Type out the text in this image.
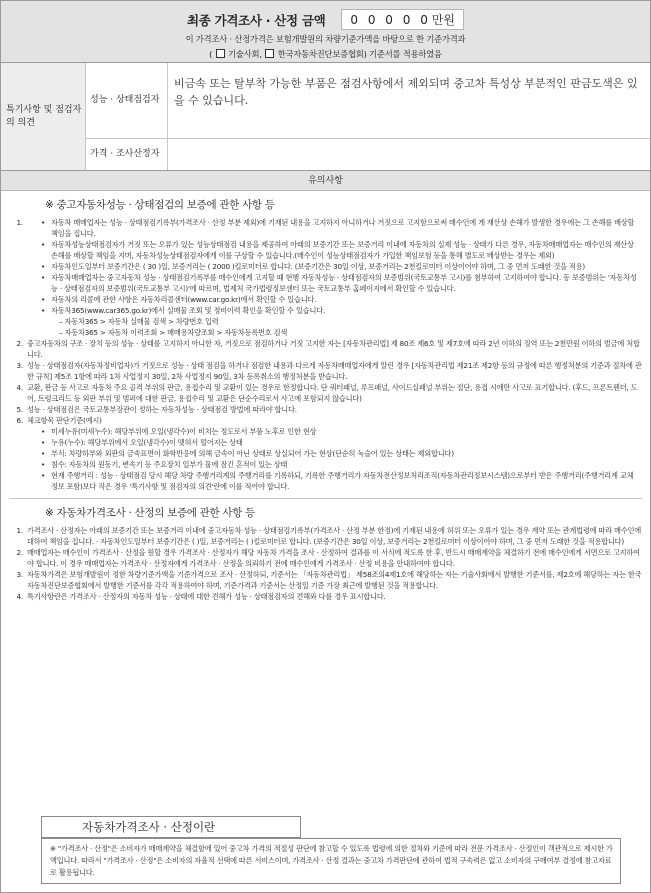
최종 가격조사 · 산정 금액	0 0 0 0 0만원
이 가격조사 · 산정가격은 보험개발원의 차량기준가액을 바탕으로 한 기준가격과
( 기술사회, 한국자동차진단보증협회) 기준서를 적용하였음
특기사항 및 점검자의 의견
성능 · 상태점검자
비금속 또는 탈부착 가능한 부품은 점검사항에서 제외되며 중고차 특성상 부분적인 판금도색은 있을 수 있습니다.
가격 · 조사산정자
유의사항
※ 중고자동차성능 · 상태점검의 보증에 관한 사항 등
1.	• 자동차 매매업자는 성능 · 상태점검기록부(가격조사 · 산정 부분 제외)에 기재된 내용을 고지하지 아니하거나 거짓으로 고지함으로써 매수인에 게 재산상 손해가 발생한 경우에는 그 손해를 배상할 책임을 집니다.
• 자동차성능상태점검자가 거짓 또는 오류가 있는 성능상태점검 내용을 제공하여 아래의 보증기간 또는 보증거리 이내에 자동차의 실제 성능 · 상태가 다른 경우, 자동차매매업자는 매수인의 재산상 손해를 배상할 책임을 지며, 자동차성능상태점검자에게 이를 구상할 수 있습니다.(매수인이 성능상태점검자가 가입한 책임보험 등을 통해 별도로 배상받는 경우는 제외)
• 자동차인도일부터 보증기간은 ( 30 )일, 보증거리는 ( 2000 )킬로미터로 합니다. (보증기간은 30일 이상, 보증거리는 2천킬로미터 이상이어야 하며, 그 중 먼저 도래한 것을 적용)
• 자동차매매업자는 중고자동차 성능 · 상태점검기록부를 매수인에게 고지할 때 현행 자동차성능 · 상태점검자의 보증범위(국토교통부 고시)를 첨부하여 고지하여야 합니다. 동 보증범위는 '자동차성능 · 상태점검자의 보증범위(국토교통부 고시)'에 따르며, 법제처 국가법령정보센터 또는 국토교통부 홈페이지에서 확인할 수 있습니다.
• 자동차의 리콜에 관한 사항은 자동차리콜센터(www.car.go.kr)에서 확인할 수 있습니다.
• 자동차365(www.car365.go.kr)에서 실매물 조회 및 정비이력 확인을 확인할 수 있습니다.
– 자동차365 > 자동차 실매물 검색 > 차량번호 입력
– 자동차365 > 자동차 이력조회 > 매매용차량조회 > 자동차등록번호 검색
2. 중고자동차의 구조 · 장치 등의 성능 · 상태를 고지하지 아니한 자, 거짓으로 점검하거나 거짓 고지한 자는 [자동차관리법] 제 80조 제6호 및 제7호에 따라 2년 이하의 징역 또는 2천만원 이하의 벌금에 처합니다.
3. 성능 · 상태점검자(자동차정비업자)가 거짓으로 성능 · 상태 점검을 하거나 점검한 내용과 다르게 자동차매매업자에게 알린 경우 [자동차관리법 제21조 제2항 등의 규정에 따른 행정처분의 기준과 절차에 관한 규칙] 제5조 1항에 따라 1차 사업정지 30일, 2차 사업정지 90일, 3차 등록취소의 행정처분을 받습니다.
4. 교환, 판금 등 사고로 자동차 주요 골격 부위의 판금, 용접수리 및 교환이 있는 경우로 한정합니다. 단 쿼터패널, 루프패널, 사이드실패널 부위는 절단, 용접 시에만 사고로 표기합니다. (후드, 프론트펜더, 도어, 트렁크리드 등 외판 부위 및 범퍼에 대한 판금, 용접수리 및 교환은 단순수리로서 사고에 포함되지 않습니다)
5. 성능 · 상태점검은 국토교통부장관이 정하는 자동차성능 · 상태점검 방법에 따라야 합니다.
6. 체크항목 판단기준(예시)
• 미세누유(미세누수): 해당부위에 오일(냉각수)이 비치는 정도로서 부품 노후로 인한 현상
• 누유(누수): 해당부위에서 오일(냉각수)이 맺혀서 떨어지는 상태
• 부식: 차량하부와 외판의 금속표면이 화학반응에 의해 금속이 아닌 상태로 상실되어 가는 현상(단순히 녹슬어 있는 상태는 제외합니다)
• 침수: 자동차의 원동기, 변속기 등 주요장치 일부가 물에 잠긴 흔적이 있는 상태
• 현재 주행거리 : 성능 · 상태점검 당시 해당 차량 주행거리계의 주행거리를 기록하되, 기록한 주행거리가 자동차전산정보처리조직(자동차관리정보시스템)으로부터 받은 주행거리(주행거리계 교체 정보 포함)보다 작은 경우 '특기사항 및 점검자의 의견'란에 이를 적어야 합니다.
※ 자동차가격조사 · 산정의 보증에 관한 사항 등
1. 가격조사 · 산정자는 아래의 보증기간 또는 보증거리 이내에 중고자동차 성능 · 상태점검기록부(가격조사 · 산정 부분 한정)에 기재된 내용에 허위 또는 오류가 있는 경우 계약 또는 관계법령에 따라 매수인에 대하여 책임을 집니다. · 자동차인도일부터 보증기간은 ( )일, 보증거리는 ( )킬로미터로 합니다. (보증기간은 30일 이상, 보증거리는 2천킬로미터 이상이어야 하며, 그 중 먼저 도래한 것을 적용합니다)
2. 매매업자는 매수인이 가격조사 · 산정을 원할 경우 가격조사 · 산정자가 해당 자동차 가격을 조사 · 산정하여 결과를 이 서식에 적도록 한 후, 반드시 매매계약을 체결하기 전에 매수인에게 서면으로 고지하여야 합니다. 이 경우 매매업자는 가격조사 · 산정자에게 가격조사 · 산정을 의뢰하기 전에 매수인에게 가격조사 · 산정 비용을 안내하여야 합니다.
3. 자동차가격은 보험개발원이 정한 차량기준가액을 기준가격으로 조사 · 산정하되, 기준서는 「자동차관리법」 제58조의4제1호에 해당하는 자는 기술사회에서 발행한 기준서를, 제2호에 해당하는 자는 한국자동차진단보증협회에서 발행한 기준서를 각각 적용하여야 하며, 기준가격과 기준서는 산정일 기준 가장 최근에 발행된 것을 적용합니다.
4. 특기사항란은 가격조사 · 산정자의 자동차 성능 · 상태에 대한 견해가 성능 · 상태점검자의 견해와 다를 경우 표시합니다.
자동차가격조사 · 산정이란
※ "가격조사 · 산정"은 소비자가 매매계약을 체결함에 있어 중고차 가격의 적절성 판단에 참고할 수 있도록 법령에 의한 절차와 기준에 따라 전문 가격조사 · 산정인이 객관적으로 제시한 가액입니다. 따라서 "가격조사 · 산정"은 소비자의 자율적 선택에 따른 서비스이며, 가격조사 · 산정 결과는 중고차 가격판단에 관하여 법적 구속력은 없고 소비자의 구매여부 결정에 참고자료로 활용됩니다.
